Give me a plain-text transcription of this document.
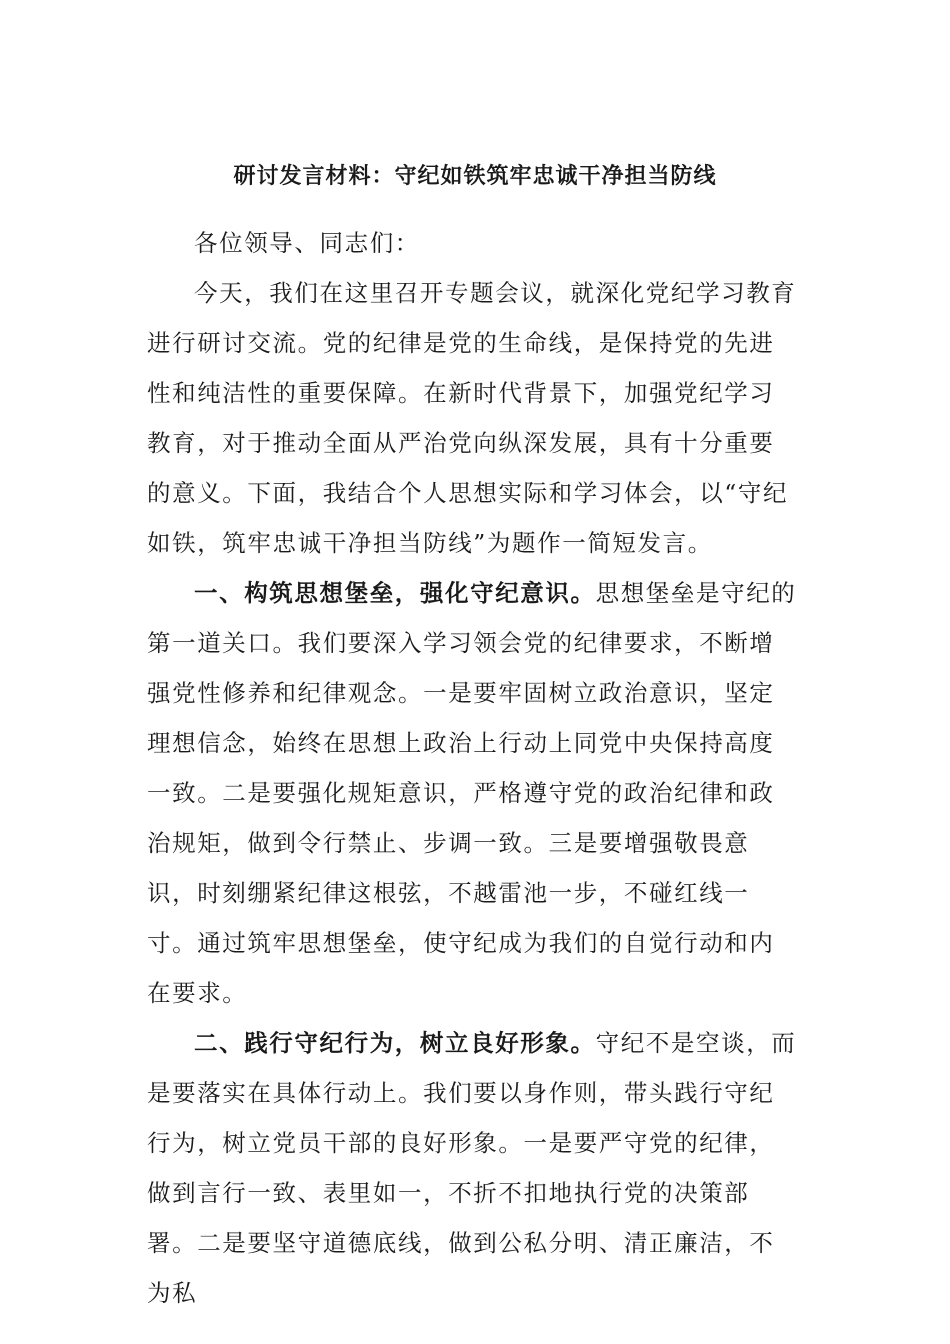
研讨发言材料：守纪如铁筑牢忠诚干净担当防线

各位领导、同志们：

今天，我们在这里召开专题会议，就深化党纪学习教育进行研讨交流。党的纪律是党的生命线，是保持党的先进性和纯洁性的重要保障。在新时代背景下，加强党纪学习教育，对于推动全面从严治党向纵深发展，具有十分重要的意义。下面，我结合个人思想实际和学习体会，以“守纪如铁，筑牢忠诚干净担当防线”为题作一简短发言。

一、构筑思想堡垒，强化守纪意识。思想堡垒是守纪的第一道关口。我们要深入学习领会党的纪律要求，不断增强党性修养和纪律观念。一是要牢固树立政治意识，坚定理想信念，始终在思想上政治上行动上同党中央保持高度一致。二是要强化规矩意识，严格遵守党的政治纪律和政治规矩，做到令行禁止、步调一致。三是要增强敬畏意识，时刻绷紧纪律这根弦，不越雷池一步，不碰红线一寸。通过筑牢思想堡垒，使守纪成为我们的自觉行动和内在要求。

二、践行守纪行为，树立良好形象。守纪不是空谈，而是要落实在具体行动上。我们要以身作则，带头践行守纪行为，树立党员干部的良好形象。一是要严守党的纪律，做到言行一致、表里如一，不折不扣地执行党的决策部署。二是要坚守道德底线，做到公私分明、清正廉洁，不为私
